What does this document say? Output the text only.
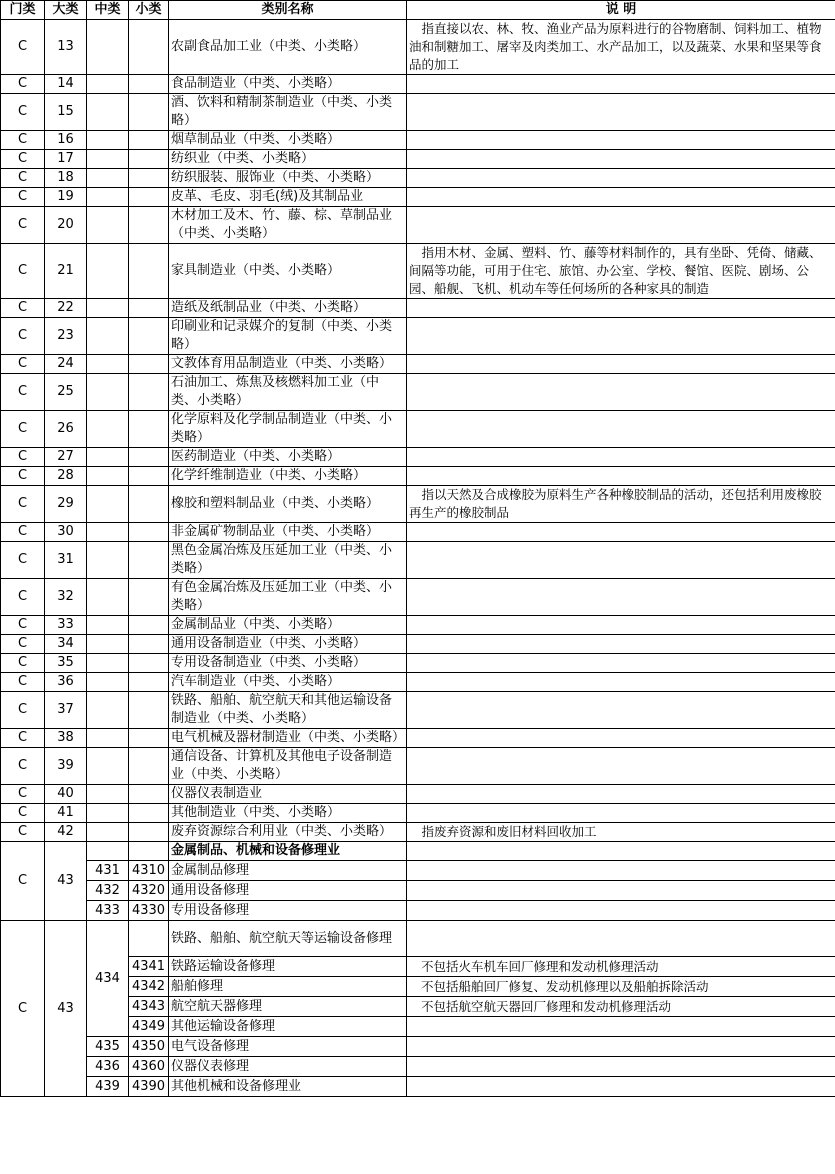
门类	大类	中类	小类	类别名称	说 明
C	13			农副食品加工业（中类、小类略）	　指直接以农、林、牧、渔业产品为原料进行的谷物磨制、饲料加工、植物油和制糖加工、屠宰及肉类加工、水产品加工，以及蔬菜、水果和坚果等食品的加工
C	14			食品制造业（中类、小类略）	
C	15			酒、饮料和精制茶制造业（中类、小类略）	
C	16			烟草制品业（中类、小类略）	
C	17			纺织业（中类、小类略）	
C	18			纺织服装、服饰业（中类、小类略）	
C	19			皮革、毛皮、羽毛(绒)及其制品业	
C	20			木材加工及木、竹、藤、棕、草制品业（中类、小类略）	
C	21			家具制造业（中类、小类略）	　指用木材、金属、塑料、竹、藤等材料制作的，具有坐卧、凭倚、储藏、间隔等功能，可用于住宅、旅馆、办公室、学校、餐馆、医院、剧场、公园、船舰、飞机、机动车等任何场所的各种家具的制造
C	22			造纸及纸制品业（中类、小类略）	
C	23			印刷业和记录媒介的复制（中类、小类略）	
C	24			文教体育用品制造业（中类、小类略）	
C	25			石油加工、炼焦及核燃料加工业（中类、小类略）	
C	26			化学原料及化学制品制造业（中类、小类略）	
C	27			医药制造业（中类、小类略）	
C	28			化学纤维制造业（中类、小类略）	
C	29			橡胶和塑料制品业（中类、小类略）	　指以天然及合成橡胶为原料生产各种橡胶制品的活动，还包括利用废橡胶再生产的橡胶制品
C	30			非金属矿物制品业（中类、小类略）	
C	31			黑色金属冶炼及压延加工业（中类、小类略）	
C	32			有色金属冶炼及压延加工业（中类、小类略）	
C	33			金属制品业（中类、小类略）	
C	34			通用设备制造业（中类、小类略）	
C	35			专用设备制造业（中类、小类略）	
C	36			汽车制造业（中类、小类略）	
C	37			铁路、船舶、航空航天和其他运输设备制造业（中类、小类略）	
C	38			电气机械及器材制造业（中类、小类略）	
C	39			通信设备、计算机及其他电子设备制造业（中类、小类略）	
C	40			仪器仪表制造业	
C	41			其他制造业（中类、小类略）	
C	42			废弃资源综合利用业（中类、小类略）	　指废弃资源和废旧材料回收加工
C	43			金属制品、机械和设备修理业	
		431	4310	金属制品修理	
		432	4320	通用设备修理	
		433	4330	专用设备修理	
C	43	434		铁路、船舶、航空航天等运输设备修理	
			4341	铁路运输设备修理	不包括火车机车回厂修理和发动机修理活动
			4342	船舶修理	不包括船舶回厂修复、发动机修理以及船舶拆除活动
			4343	航空航天器修理	不包括航空航天器回厂修理和发动机修理活动
			4349	其他运输设备修理	
		435	4350	电气设备修理	
		436	4360	仪器仪表修理	
		439	4390	其他机械和设备修理业	
